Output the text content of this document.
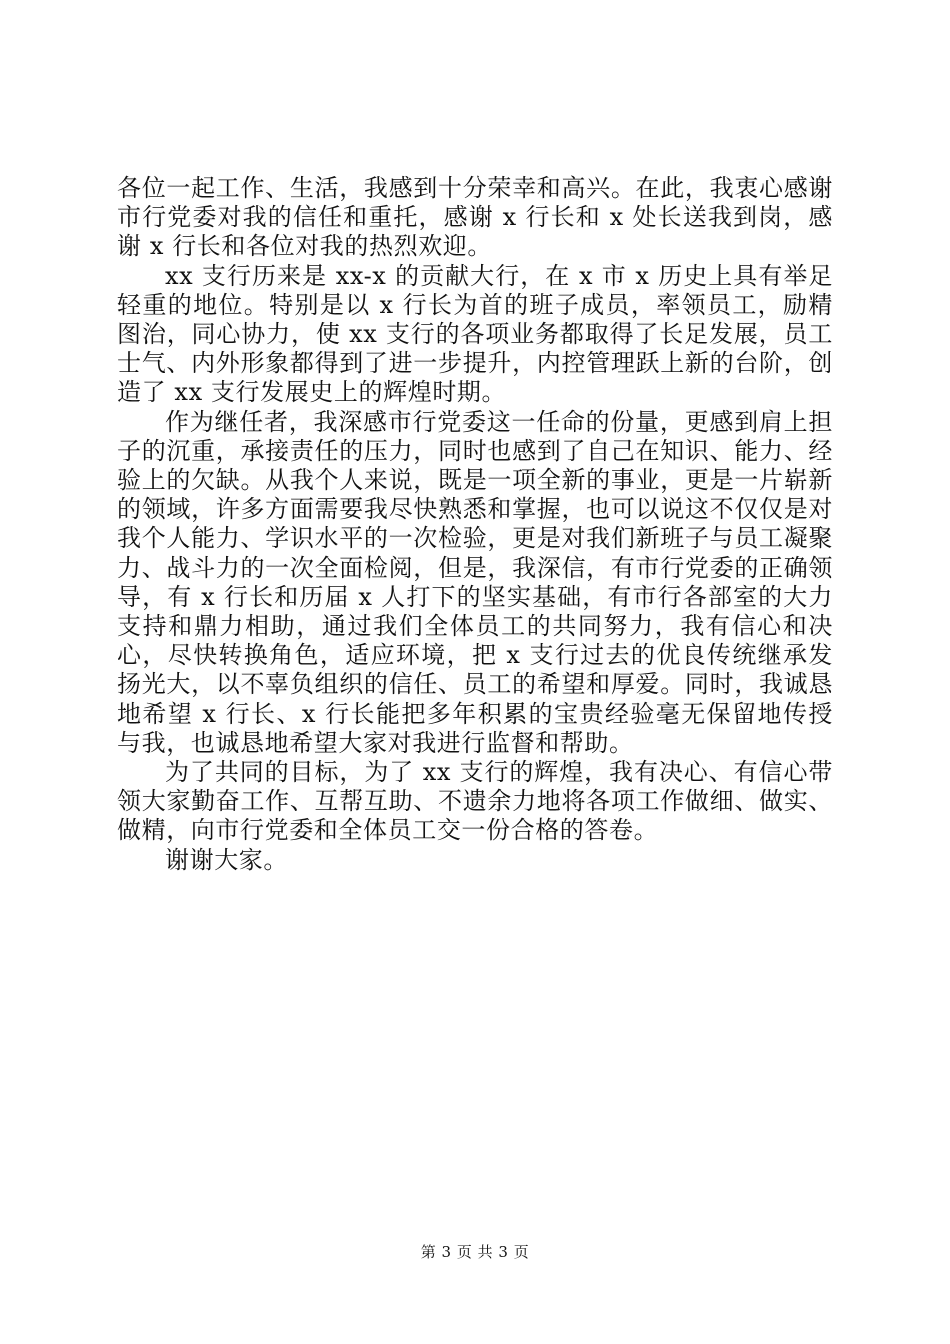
各位一起工作、生活，我感到十分荣幸和高兴。在此，我衷心感谢市行党委对我的信任和重托，感谢 x 行长和 x 处长送我到岗，感谢 x 行长和各位对我的热烈欢迎。

xx 支行历来是 xx-x 的贡献大行，在 x 市 x 历史上具有举足轻重的地位。特别是以 x 行长为首的班子成员，率领员工，励精图治，同心协力，使 xx 支行的各项业务都取得了长足发展，员工士气、内外形象都得到了进一步提升，内控管理跃上新的台阶，创造了 xx 支行发展史上的辉煌时期。

作为继任者，我深感市行党委这一任命的份量，更感到肩上担子的沉重，承接责任的压力，同时也感到了自己在知识、能力、经验上的欠缺。从我个人来说，既是一项全新的事业，更是一片崭新的领域，许多方面需要我尽快熟悉和掌握，也可以说这不仅仅是对我个人能力、学识水平的一次检验，更是对我们新班子与员工凝聚力、战斗力的一次全面检阅，但是，我深信，有市行党委的正确领导，有 x 行长和历届 x 人打下的坚实基础，有市行各部室的大力支持和鼎力相助，通过我们全体员工的共同努力，我有信心和决心，尽快转换角色，适应环境，把 x 支行过去的优良传统继承发扬光大，以不辜负组织的信任、员工的希望和厚爱。同时，我诚恳地希望 x 行长、x 行长能把多年积累的宝贵经验毫无保留地传授与我，也诚恳地希望大家对我进行监督和帮助。

为了共同的目标，为了 xx 支行的辉煌，我有决心、有信心带领大家勤奋工作、互帮互助、不遗余力地将各项工作做细、做实、做精，向市行党委和全体员工交一份合格的答卷。

谢谢大家。

第 3 页 共 3 页
